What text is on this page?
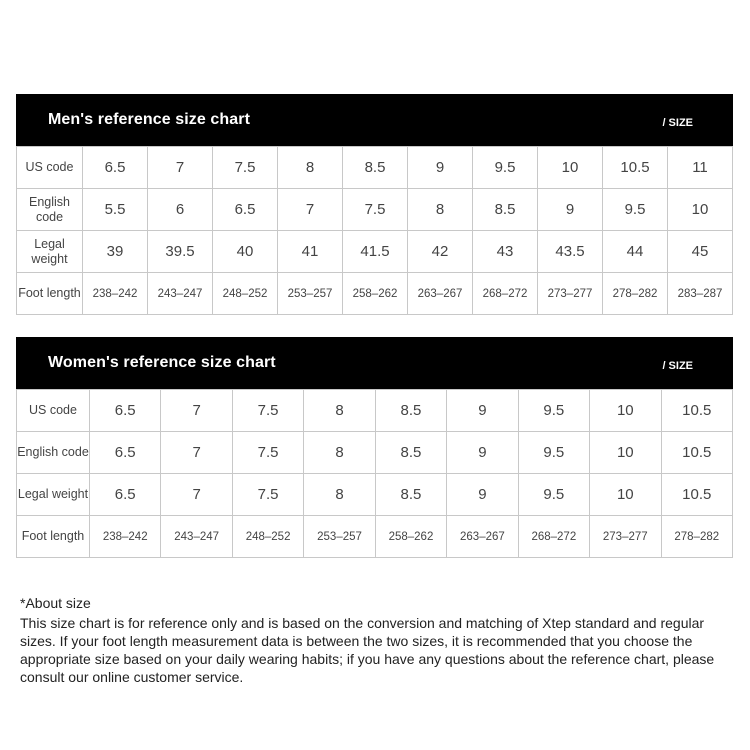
Men's reference size chart	/ SIZE
US code	6.5	7	7.5	8	8.5	9	9.5	10	10.5	11
English code	5.5	6	6.5	7	7.5	8	8.5	9	9.5	10
Legal weight	39	39.5	40	41	41.5	42	43	43.5	44	45
Foot length	238–242	243–247	248–252	253–257	258–262	263–267	268–272	273–277	278–282	283–287
Women's reference size chart	/ SIZE
US code	6.5	7	7.5	8	8.5	9	9.5	10	10.5
English code	6.5	7	7.5	8	8.5	9	9.5	10	10.5
Legal weight	6.5	7	7.5	8	8.5	9	9.5	10	10.5
Foot length	238–242	243–247	248–252	253–257	258–262	263–267	268–272	273–277	278–282
*About size
This size chart is for reference only and is based on the conversion and matching of Xtep standard and regular sizes. If your foot length measurement data is between the two sizes, it is recommended that you choose the appropriate size based on your daily wearing habits; if you have any questions about the reference chart, please consult our online customer service.
